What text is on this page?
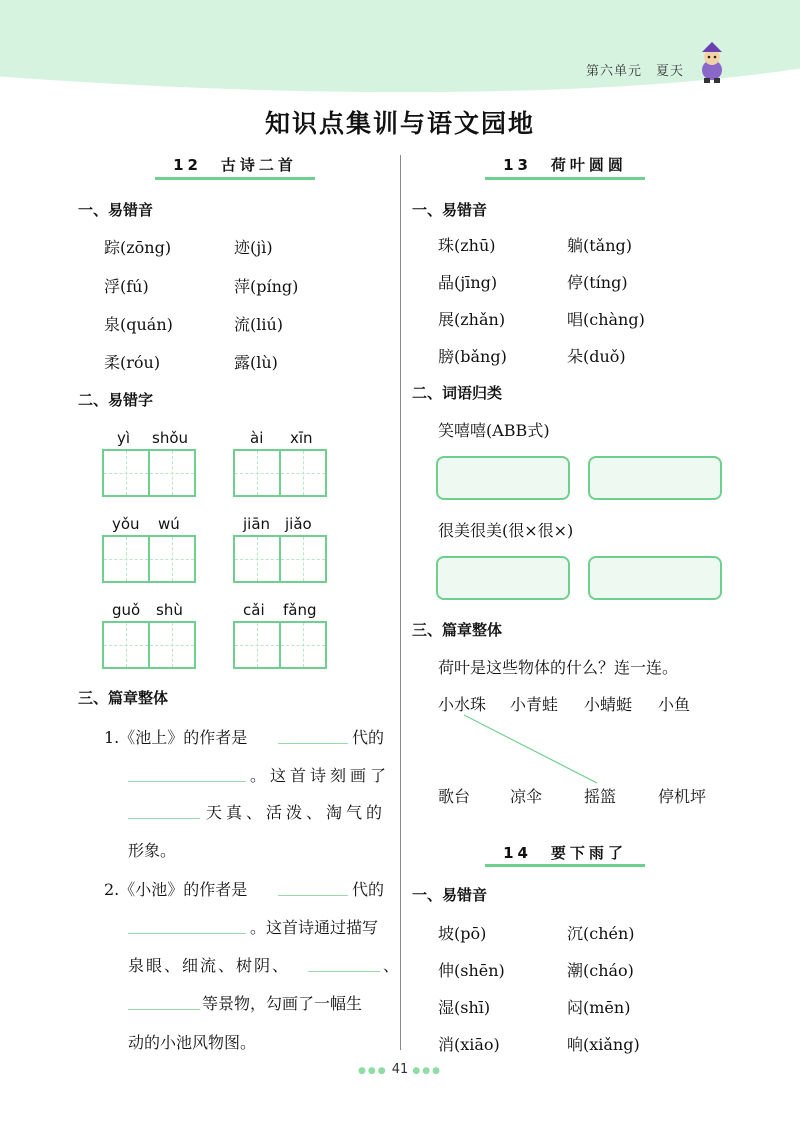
第六单元　夏天
知识点集训与语文园地
12　古诗二首
一、易错音
踪(zōng)	迹(jì)
浮(fú)	萍(píng)
泉(quán)	流(liú)
柔(róu)	露(lù)
二、易错字
yì shǒu	ài xīn
yǒu wú	jiān jiǎo
guǒ shù	cǎi fǎng
三、篇章整体
1.《池上》的作者是	代的
。这首诗刻画了
天真、活泼、淘气的
形象。
2.《小池》的作者是	代的
。这首诗通过描写
泉眼、细流、树阴、	、
等景物，勾画了一幅生
动的小池风物图。
13　荷叶圆圆
一、易错音
珠(zhū)	躺(tǎng)
晶(jīng)	停(tíng)
展(zhǎn)	唱(chàng)
膀(bǎng)	朵(duǒ)
二、词语归类
笑嘻嘻(ABB式)
很美很美(很×很×)
三、篇章整体
荷叶是这些物体的什么？连一连。
小水珠 小青蛙 小蜻蜓 小鱼
歌台 凉伞	摇篮	停机坪
14　要下雨了
一、易错音
坡(pō)	沉(chén)
伸(shēn)	潮(cháo)
湿(shī)	闷(mēn)
消(xiāo)	响(xiǎng)
●●● 41 ●●●
